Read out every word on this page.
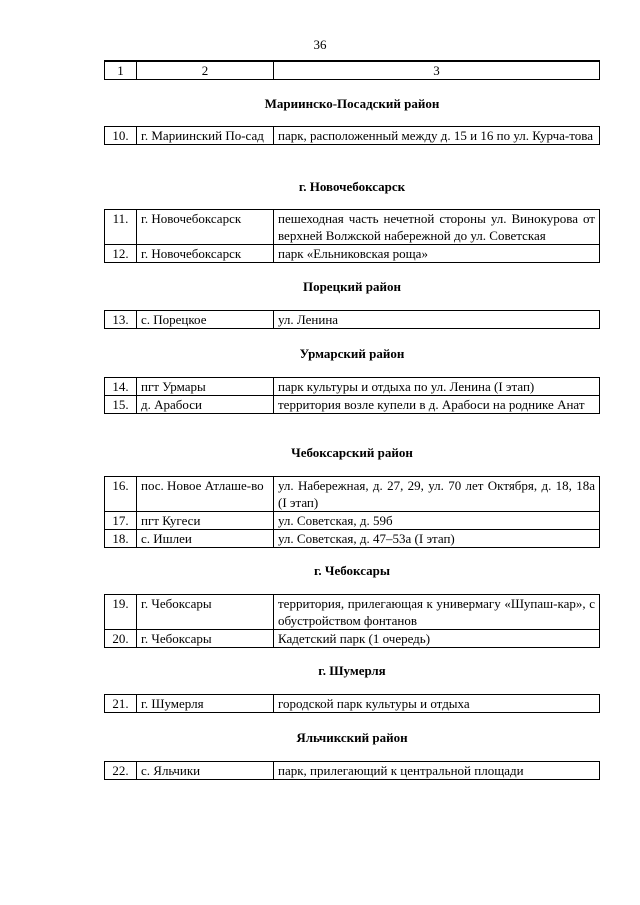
36
1	2	3
Мариинско-Посадский район
10.	г. Мариинский По-сад	парк, расположенный между д. 15 и 16 по ул. Курча-това
г. Новочебоксарск
11.	г. Новочебоксарск	пешеходная часть нечетной стороны ул. Винокурова от верхней Волжской набережной до ул. Советская
12.	г. Новочебоксарск	парк «Ельниковская роща»
Порецкий район
13.	с. Порецкое	ул. Ленина
Урмарский район
14.	пгт Урмары	парк культуры и отдыха по ул. Ленина (I этап)
15.	д. Арабоси	территория возле купели в д. Арабоси на роднике Анат
Чебоксарский район
16.	пос. Новое Атлаше-во	ул. Набережная, д. 27, 29, ул. 70 лет Октября, д. 18, 18а (I этап)
17.	пгт Кугеси	ул. Советская, д. 59б
18.	с. Ишлеи	ул. Советская, д. 47–53а (I этап)
г. Чебоксары
19.	г. Чебоксары	территория, прилегающая к универмагу «Шупаш-кар», с обустройством фонтанов
20.	г. Чебоксары	Кадетский парк (1 очередь)
г. Шумерля
21.	г. Шумерля	городской парк культуры и отдыха
Яльчикский район
22.	с. Яльчики	парк, прилегающий к центральной площади
